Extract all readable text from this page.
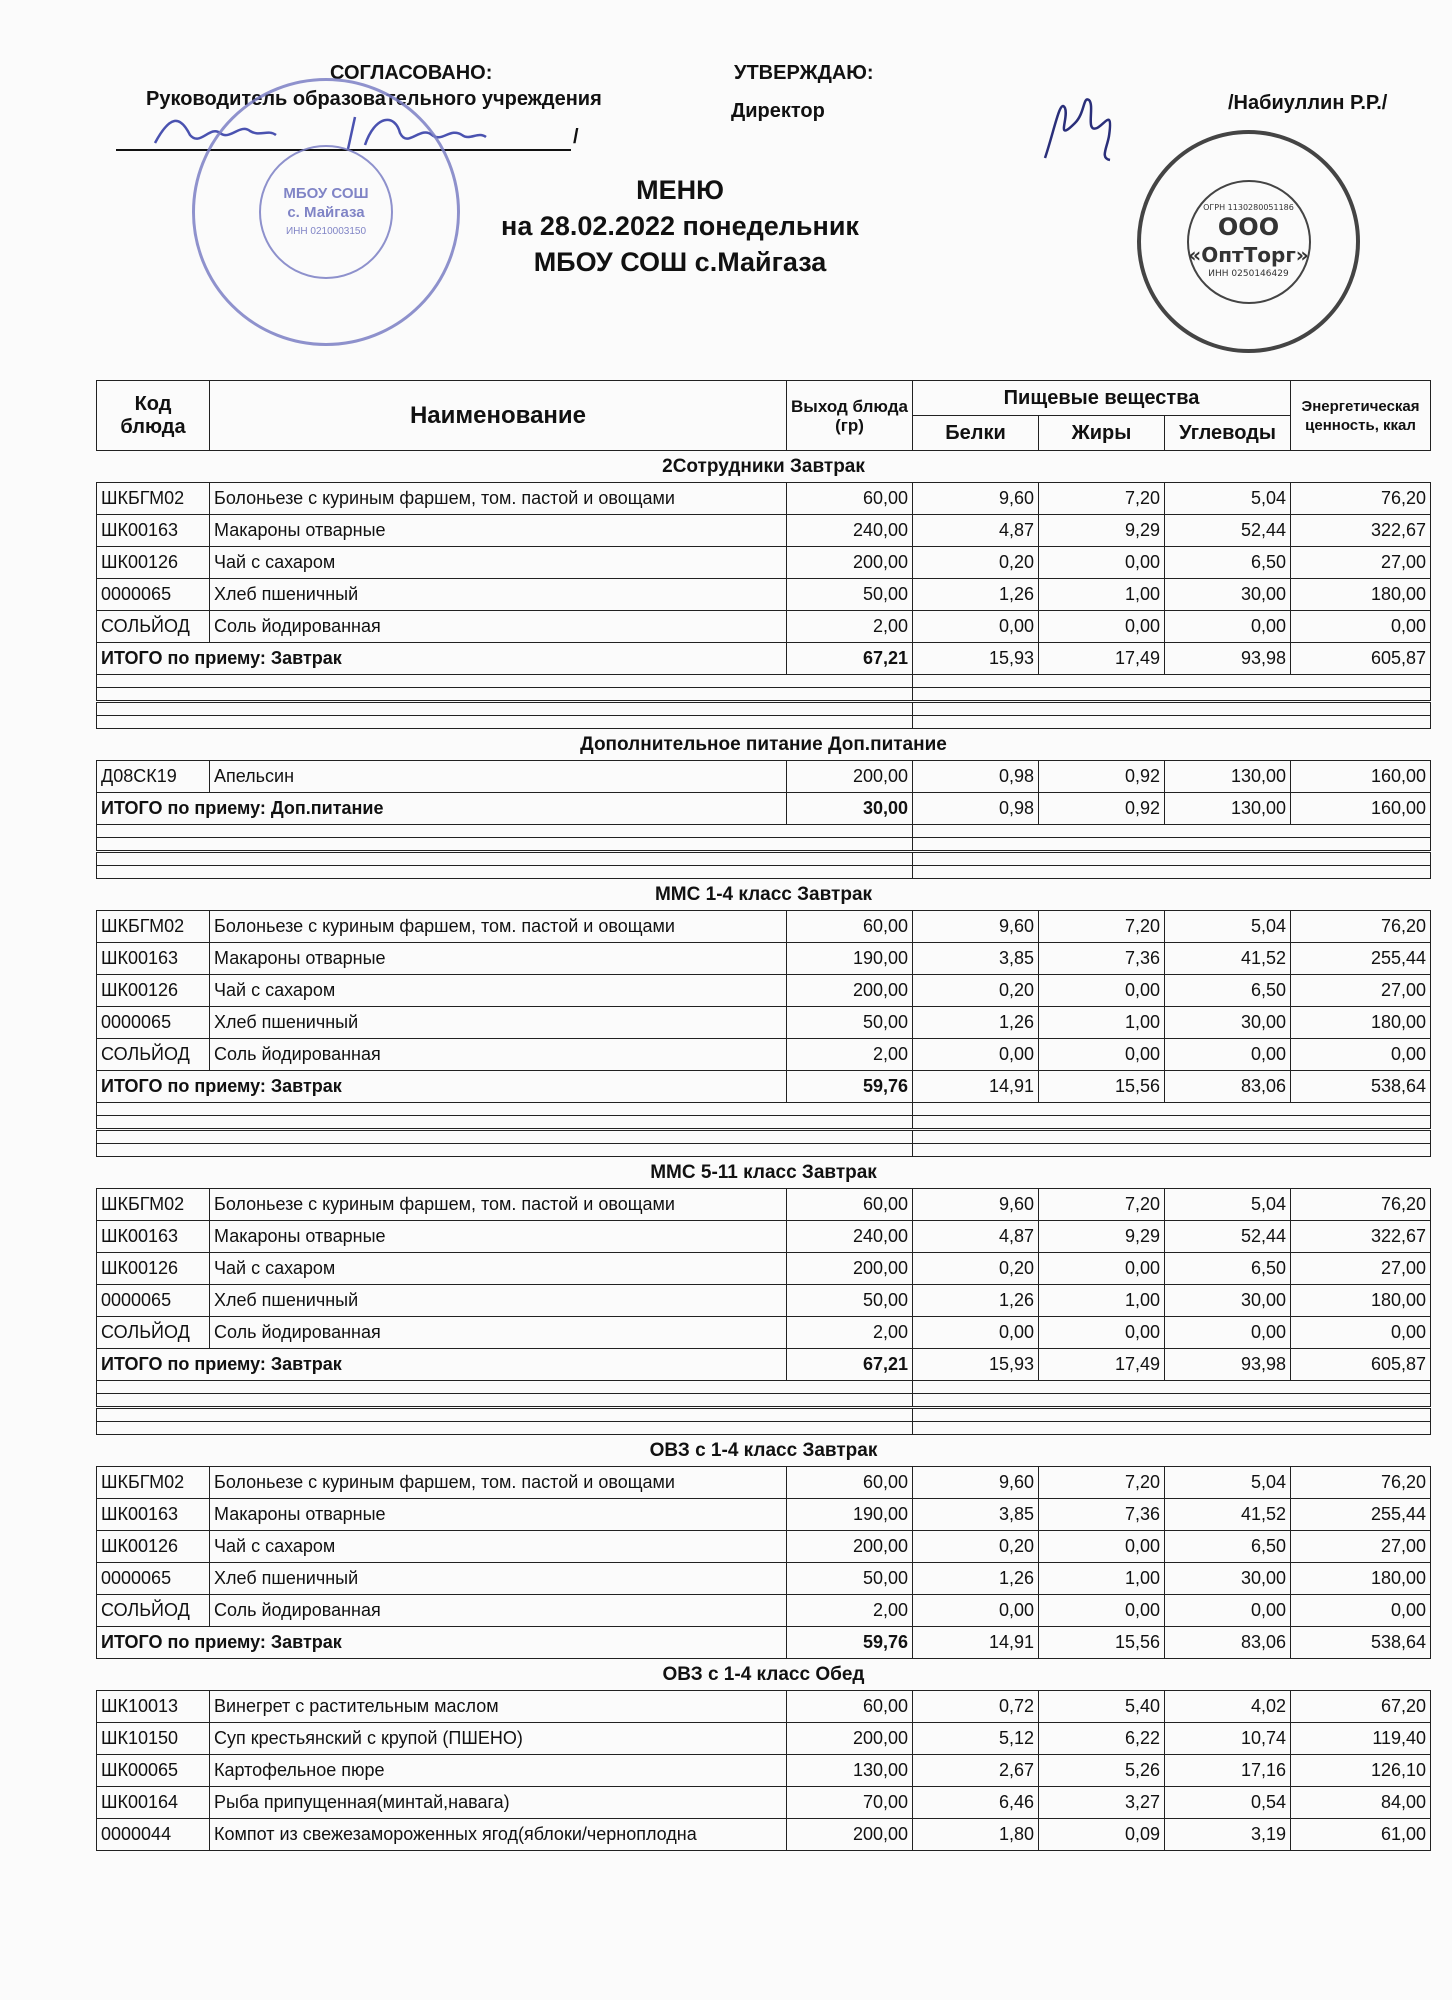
СОГЛАСОВАНО:
Руководитель образовательного учреждения
УТВЕРЖДАЮ:
Директор	/Набиуллин Р.Р./
/
МБОУ СОШ
с. Майгаза
ИНН 0210003150
ОГРН 1130280051186
ООО
«ОптТорг»
ИНН 0250146429
МЕНЮ
на 28.02.2022 понедельник
МБОУ СОШ с.Майгаза
Код блюда	Наименование	Выход блюда (гр)	Пищевые вещества			Энергетическая ценность, ккал
			Белки	Жиры	Углеводы	
2Сотрудники Завтрак						
ШКБГМ02	Болоньезе с куриным фаршем, том. пастой и овощами	60,00	9,60	7,20	5,04	76,20
ШК00163	Макароны отварные	240,00	4,87	9,29	52,44	322,67
ШК00126	Чай с сахаром	200,00	0,20	0,00	6,50	27,00
0000065	Хлеб пшеничный	50,00	1,26	1,00	30,00	180,00
СОЛЬЙОД	Соль йодированная	2,00	0,00	0,00	0,00	0,00
ИТОГО по приему: Завтрак		67,21	15,93	17,49	93,98	605,87

Дополнительное питание Доп.питание						
Д08СК19	Апельсин	200,00	0,98	0,92	130,00	160,00
ИТОГО по приему: Доп.питание		30,00	0,98	0,92	130,00	160,00

ММС 1-4 класс Завтрак						
ШКБГМ02	Болоньезе с куриным фаршем, том. пастой и овощами	60,00	9,60	7,20	5,04	76,20
ШК00163	Макароны отварные	190,00	3,85	7,36	41,52	255,44
ШК00126	Чай с сахаром	200,00	0,20	0,00	6,50	27,00
0000065	Хлеб пшеничный	50,00	1,26	1,00	30,00	180,00
СОЛЬЙОД	Соль йодированная	2,00	0,00	0,00	0,00	0,00
ИТОГО по приему: Завтрак		59,76	14,91	15,56	83,06	538,64

ММС 5-11 класс Завтрак						
ШКБГМ02	Болоньезе с куриным фаршем, том. пастой и овощами	60,00	9,60	7,20	5,04	76,20
ШК00163	Макароны отварные	240,00	4,87	9,29	52,44	322,67
ШК00126	Чай с сахаром	200,00	0,20	0,00	6,50	27,00
0000065	Хлеб пшеничный	50,00	1,26	1,00	30,00	180,00
СОЛЬЙОД	Соль йодированная	2,00	0,00	0,00	0,00	0,00
ИТОГО по приему: Завтрак		67,21	15,93	17,49	93,98	605,87

ОВЗ с 1-4 класс Завтрак						
ШКБГМ02	Болоньезе с куриным фаршем, том. пастой и овощами	60,00	9,60	7,20	5,04	76,20
ШК00163	Макароны отварные	190,00	3,85	7,36	41,52	255,44
ШК00126	Чай с сахаром	200,00	0,20	0,00	6,50	27,00
0000065	Хлеб пшеничный	50,00	1,26	1,00	30,00	180,00
СОЛЬЙОД	Соль йодированная	2,00	0,00	0,00	0,00	0,00
ИТОГО по приему: Завтрак		59,76	14,91	15,56	83,06	538,64
ОВЗ с 1-4 класс Обед						
ШК10013	Винегрет с растительным маслом	60,00	0,72	5,40	4,02	67,20
ШК10150	Суп крестьянский с крупой (ПШЕНО)	200,00	5,12	6,22	10,74	119,40
ШК00065	Картофельное пюре	130,00	2,67	5,26	17,16	126,10
ШК00164	Рыба припущенная(минтай,навага)	70,00	6,46	3,27	0,54	84,00
0000044	Компот из свежезамороженных ягод(яблоки/черноплодна	200,00	1,80	0,09	3,19	61,00
